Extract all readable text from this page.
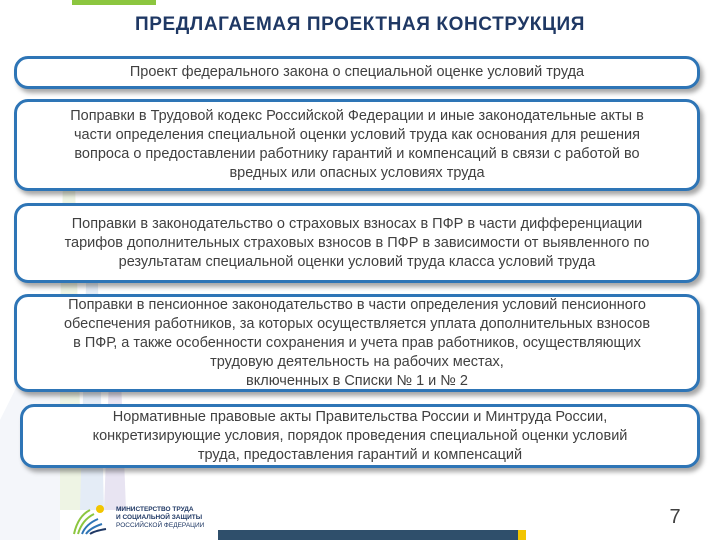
ПРЕДЛАГАЕМАЯ ПРОЕКТНАЯ КОНСТРУКЦИЯ
Проект федерального закона о специальной оценке условий труда
Поправки в Трудовой кодекс Российской Федерации и иные законодательные акты в
части определения специальной оценки условий труда как основания для решения
вопроса о предоставлении работнику гарантий и компенсаций в связи с работой во
вредных или опасных условиях труда
Поправки в законодательство о страховых взносах в ПФР в части дифференциации
тарифов дополнительных страховых взносов в ПФР в зависимости от выявленного по
результатам специальной оценки условий труда класса условий труда
Поправки в пенсионное законодательство в части определения условий пенсионного
обеспечения работников, за которых осуществляется уплата дополнительных взносов
в ПФР, а также особенности сохранения и учета прав работников, осуществляющих
трудовую деятельность на рабочих местах,
включенных в Списки № 1 и № 2
Нормативные правовые акты Правительства России и Минтруда России,
конкретизирующие условия, порядок проведения специальной оценки условий
труда, предоставления гарантий и компенсаций
МИНИСТЕРСТВО ТРУДА
И СОЦИАЛЬНОЙ ЗАЩИТЫ
РОССИЙСКОЙ ФЕДЕРАЦИИ	7
